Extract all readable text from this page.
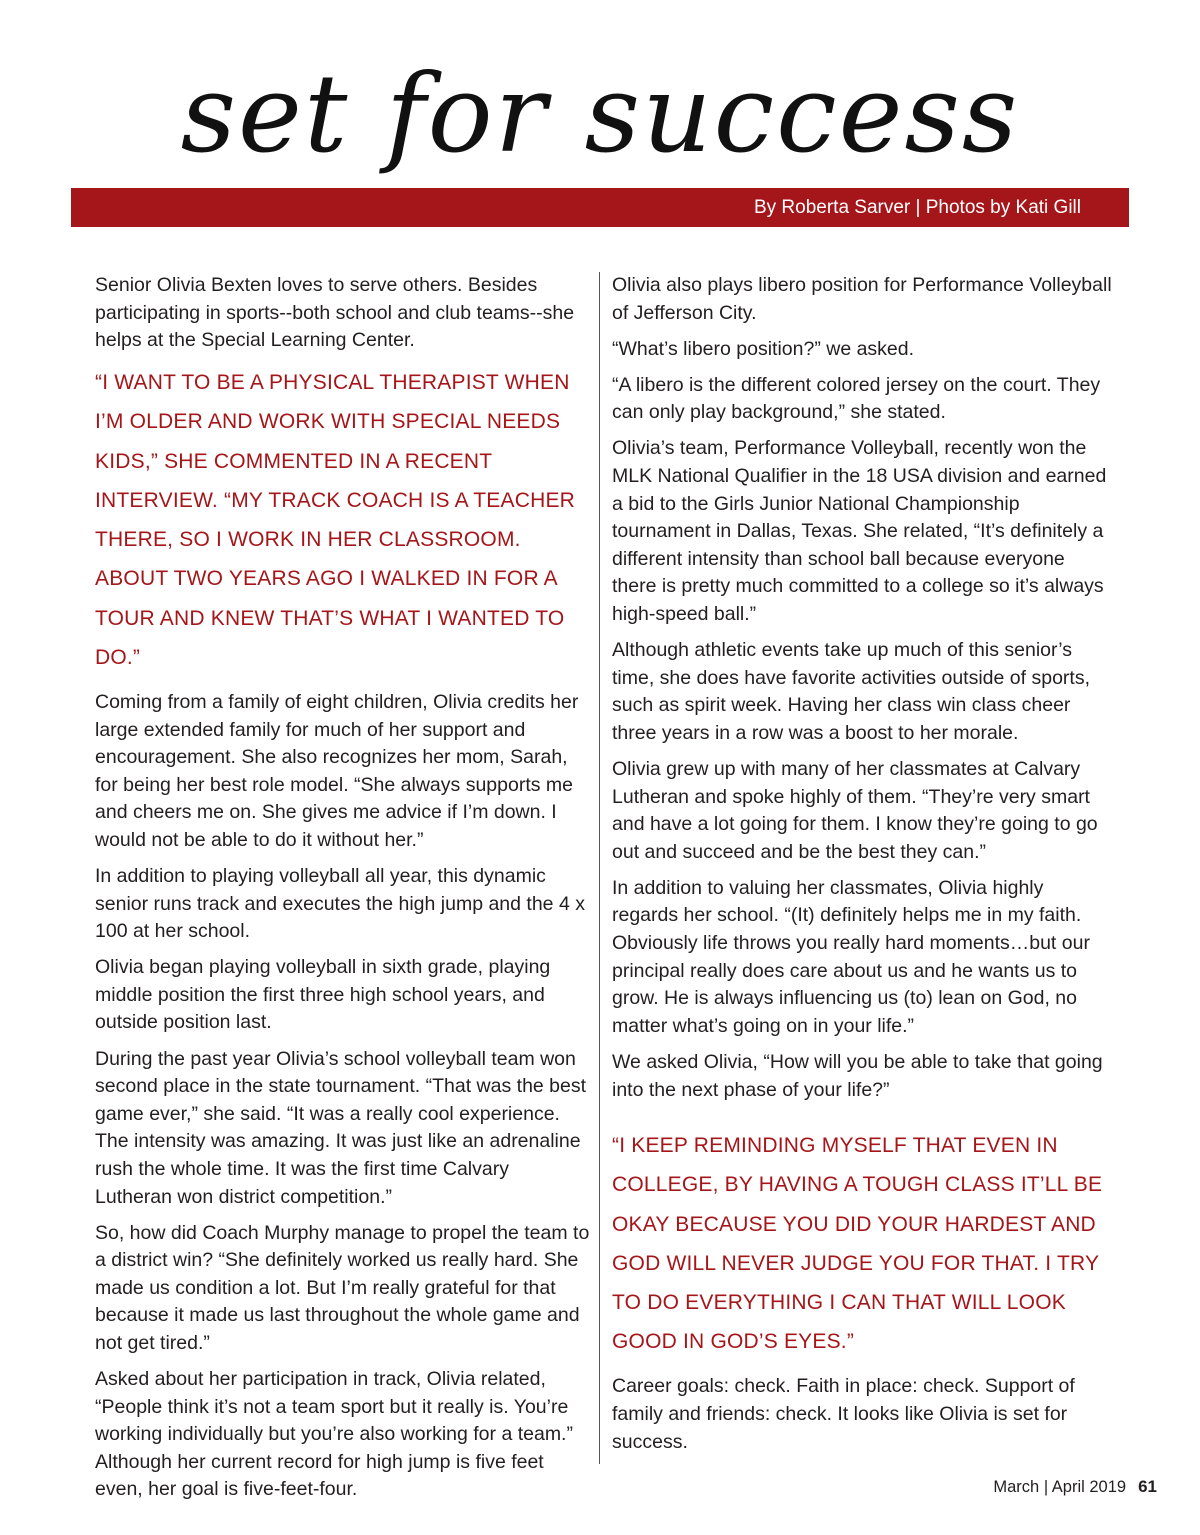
set for success
By Roberta Sarver | Photos by Kati Gill

Senior Olivia Bexten loves to serve others. Besides participating in sports--both school and club teams--she helps at the Special Learning Center.

“I WANT TO BE A PHYSICAL THERAPIST WHEN I’M OLDER AND WORK WITH SPECIAL NEEDS KIDS,” SHE COMMENTED IN A RECENT INTERVIEW. “MY TRACK COACH IS A TEACHER THERE, SO I WORK IN HER CLASSROOM. ABOUT TWO YEARS AGO I WALKED IN FOR A TOUR AND KNEW THAT’S WHAT I WANTED TO DO.”

Coming from a family of eight children, Olivia credits her large extended family for much of her support and encouragement. She also recognizes her mom, Sarah, for being her best role model. “She always supports me and cheers me on. She gives me advice if I’m down. I would not be able to do it without her.”

In addition to playing volleyball all year, this dynamic senior runs track and executes the high jump and the 4 x 100 at her school.

Olivia began playing volleyball in sixth grade, playing middle position the first three high school years, and outside position last.

During the past year Olivia’s school volleyball team won second place in the state tournament. “That was the best game ever,” she said. “It was a really cool experience. The intensity was amazing. It was just like an adrenaline rush the whole time. It was the first time Calvary Lutheran won district competition.”

So, how did Coach Murphy manage to propel the team to a district win? “She definitely worked us really hard. She made us condition a lot. But I’m really grateful for that because it made us last throughout the whole game and not get tired.”

Asked about her participation in track, Olivia related, “People think it’s not a team sport but it really is. You’re working individually but you’re also working for a team.” Although her current record for high jump is five feet even, her goal is five-feet-four.

Olivia also plays libero position for Performance Volleyball of Jefferson City.

“What’s libero position?” we asked.

“A libero is the different colored jersey on the court. They can only play background,” she stated.

Olivia’s team, Performance Volleyball, recently won the MLK National Qualifier in the 18 USA division and earned a bid to the Girls Junior National Championship tournament in Dallas, Texas. She related, “It’s definitely a different intensity than school ball because everyone there is pretty much committed to a college so it’s always high-speed ball.”

Although athletic events take up much of this senior’s time, she does have favorite activities outside of sports, such as spirit week. Having her class win class cheer three years in a row was a boost to her morale.

Olivia grew up with many of her classmates at Calvary Lutheran and spoke highly of them. “They’re very smart and have a lot going for them. I know they’re going to go out and succeed and be the best they can.”

In addition to valuing her classmates, Olivia highly regards her school. “(It) definitely helps me in my faith. Obviously life throws you really hard moments…but our principal really does care about us and he wants us to grow. He is always influencing us (to) lean on God, no matter what’s going on in your life.”

We asked Olivia, “How will you be able to take that going into the next phase of your life?”

“I KEEP REMINDING MYSELF THAT EVEN IN COLLEGE, BY HAVING A TOUGH CLASS IT’LL BE OKAY BECAUSE YOU DID YOUR HARDEST AND GOD WILL NEVER JUDGE YOU FOR THAT. I TRY TO DO EVERYTHING I CAN THAT WILL LOOK GOOD IN GOD’S EYES.”

Career goals: check. Faith in place: check. Support of family and friends: check. It looks like Olivia is set for success.

March | April 2019 61
